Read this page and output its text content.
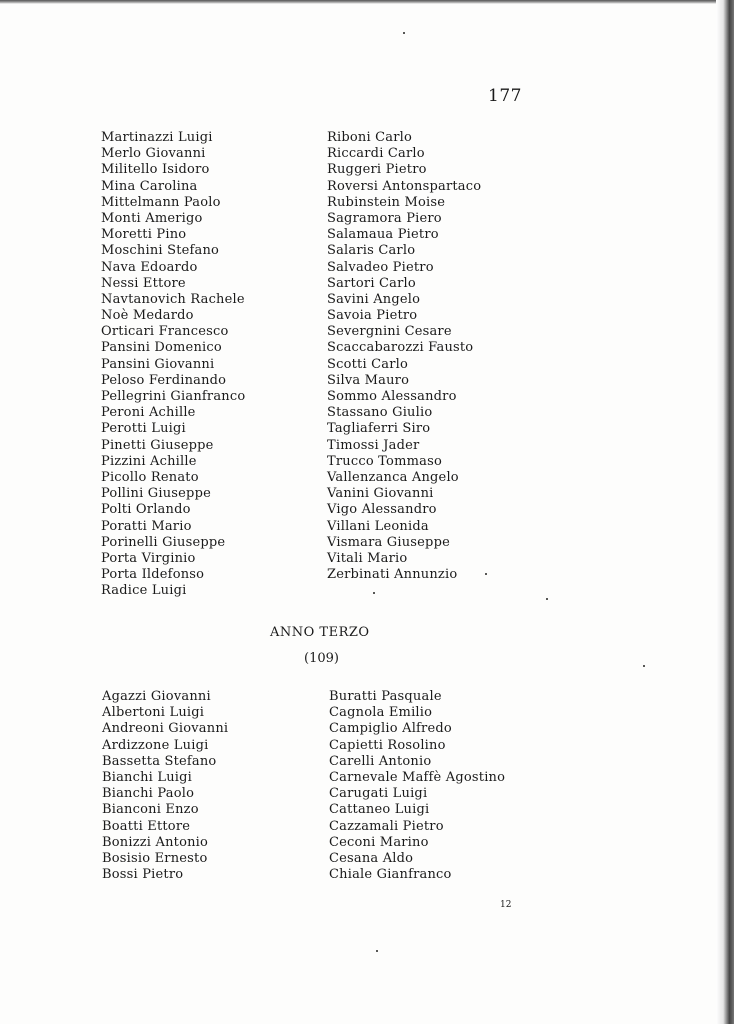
177
Martinazzi Luigi
Merlo Giovanni
Militello Isidoro
Mina Carolina
Mittelmann Paolo
Monti Amerigo
Moretti Pino
Moschini Stefano
Nava Edoardo
Nessi Ettore
Navtanovich Rachele
Noè Medardo
Orticari Francesco
Pansini Domenico
Pansini Giovanni
Peloso Ferdinando
Pellegrini Gianfranco
Peroni Achille
Perotti Luigi
Pinetti Giuseppe
Pizzini Achille
Picollo Renato
Pollini Giuseppe
Polti Orlando
Poratti Mario
Porinelli Giuseppe
Porta Virginio
Porta Ildefonso
Radice Luigi
Riboni Carlo
Riccardi Carlo
Ruggeri Pietro
Roversi Antonspartaco
Rubinstein Moise
Sagramora Piero
Salamaua Pietro
Salaris Carlo
Salvadeo Pietro
Sartori Carlo
Savini Angelo
Savoia Pietro
Severgnini Cesare
Scaccabarozzi Fausto
Scotti Carlo
Silva Mauro
Sommo Alessandro
Stassano Giulio
Tagliaferri Siro
Timossi Jader
Trucco Tommaso
Vallenzanca Angelo
Vanini Giovanni
Vigo Alessandro
Villani Leonida
Vismara Giuseppe
Vitali Mario
Zerbinati Annunzio
ANNO TERZO
(109)
Agazzi Giovanni
Albertoni Luigi
Andreoni Giovanni
Ardizzone Luigi
Bassetta Stefano
Bianchi Luigi
Bianchi Paolo
Bianconi Enzo
Boatti Ettore
Bonizzi Antonio
Bosisio Ernesto
Bossi Pietro
Buratti Pasquale
Cagnola Emilio
Campiglio Alfredo
Capietti Rosolino
Carelli Antonio
Carnevale Maffè Agostino
Carugati Luigi
Cattaneo Luigi
Cazzamali Pietro
Ceconi Marino
Cesana Aldo
Chiale Gianfranco
12
